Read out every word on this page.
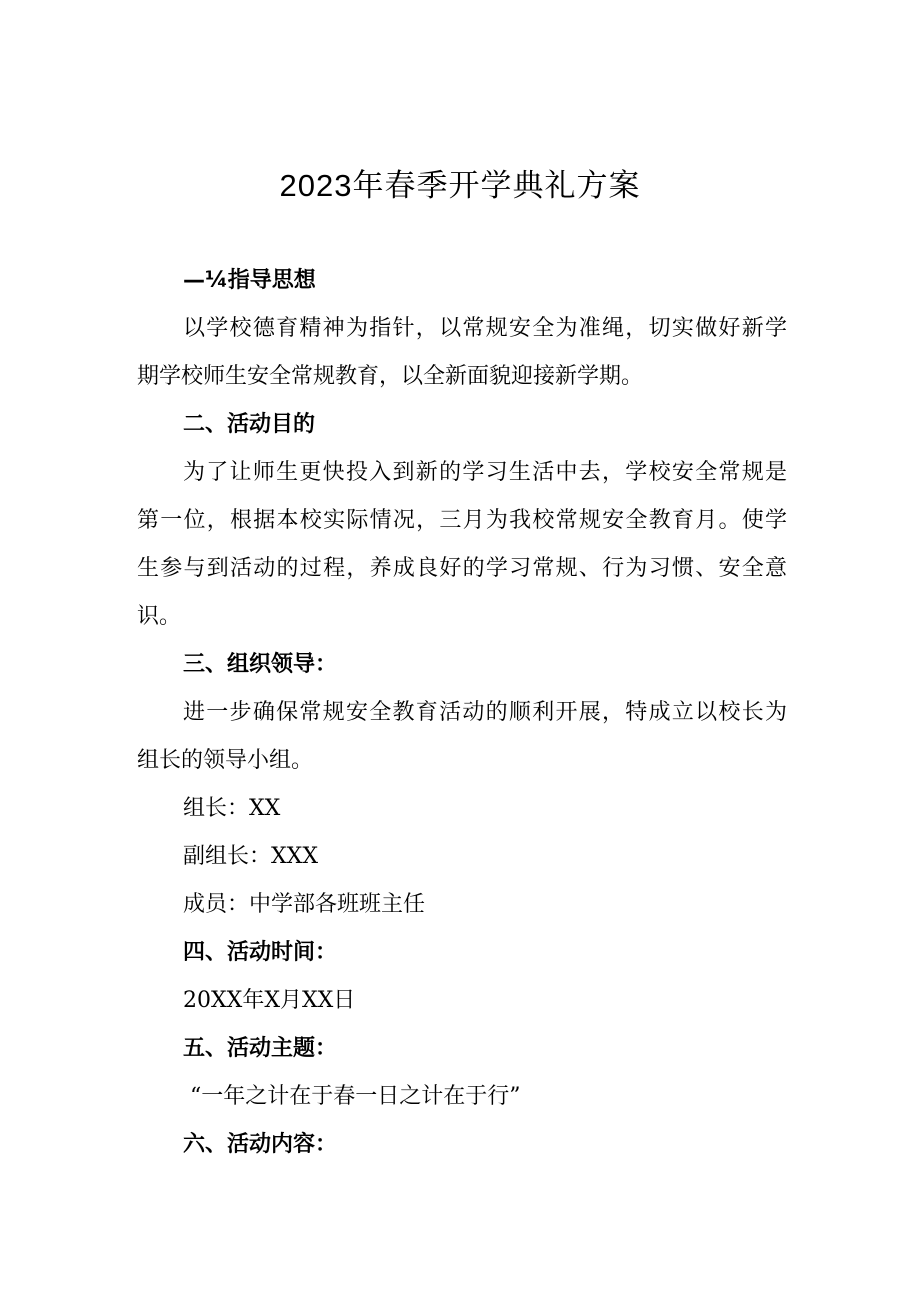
2023年春季开学典礼方案
—¼指导思想
以学校德育精神为指针，以常规安全为准绳，切实做好新学
期学校师生安全常规教育，以全新面貌迎接新学期。
二、活动目的
为了让师生更快投入到新的学习生活中去，学校安全常规是
第一位，根据本校实际情况，三月为我校常规安全教育月。使学
生参与到活动的过程，养成良好的学习常规、行为习惯、安全意
识。
三、组织领导：
进一步确保常规安全教育活动的顺利开展，特成立以校长为
组长的领导小组。
组长：XX
副组长：XXX
成员：中学部各班班主任
四、活动时间：
20XX年X月XX日
五、活动主题：
“一年之计在于春一日之计在于行”
六、活动内容：
